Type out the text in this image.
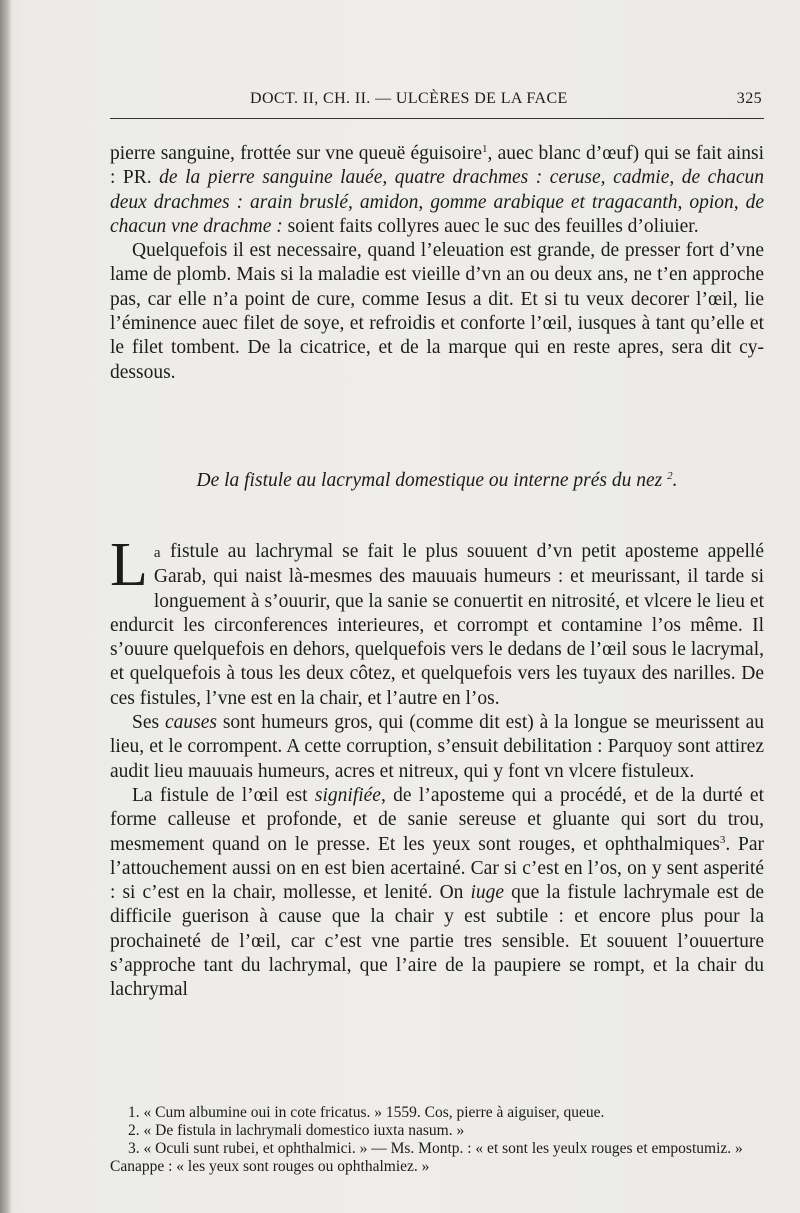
DOCT. II, CH. II. — ULCÈRES DE LA FACE	325

pierre sanguine, frottée sur vne queuë éguisoire$^1$, auec blanc d’œuf) qui se fait ainsi : PR. de la pierre sanguine lauée, quatre drachmes : ceruse, cadmie, de chacun deux drachmes : arain bruslé, amidon, gomme arabique et tragacanth, opion, de chacun vne drachme : soient faits collyres auec le suc des feuilles d’oliuier.

Quelquefois il est necessaire, quand l’eleuation est grande, de presser fort d’vne lame de plomb. Mais si la maladie est vieille d’vn an ou deux ans, ne t’en approche pas, car elle n’a point de cure, comme Iesus a dit. Et si tu veux decorer l’œil, lie l’éminence auec filet de soye, et refroidis et conforte l’œil, iusques à tant qu’elle et le filet tombent. De la cicatrice, et de la marque qui en reste apres, sera dit cy-dessous.

De la fistule au lacrymal domestique ou interne prés du nez $^2$.

La fistule au lachrymal se fait le plus souuent d’vn petit aposteme appellé Garab, qui naist là-mesmes des mauuais humeurs : et meurissant, il tarde si longuement à s’ouurir, que la sanie se conuertit en nitrosité, et vlcere le lieu et endurcit les circonferences interieures, et corrompt et contamine l’os même. Il s’ouure quelquefois en dehors, quelquefois vers le dedans de l’œil sous le lacrymal, et quelquefois à tous les deux côtez, et quelquefois vers les tuyaux des narilles. De ces fistules, l’vne est en la chair, et l’autre en l’os.

Ses causes sont humeurs gros, qui (comme dit est) à la longue se meurissent au lieu, et le corrompent. A cette corruption, s’ensuit debilitation : Parquoy sont attirez audit lieu mauuais humeurs, acres et nitreux, qui y font vn vlcere fistuleux.

La fistule de l’œil est signifiée, de l’aposteme qui a procédé, et de la durté et forme calleuse et profonde, et de sanie sereuse et gluante qui sort du trou, mesmement quand on le presse. Et les yeux sont rouges, et ophthalmiques$^3$. Par l’attouchement aussi on en est bien acertainé. Car si c’est en l’os, on y sent asperité : si c’est en la chair, mollesse, et lenité. On iuge que la fistule lachrymale est de difficile guerison à cause que la chair y est subtile : et encore plus pour la prochaineté de l’œil, car c’est vne partie tres sensible. Et souuent l’ouuerture s’approche tant du lachrymal, que l’aire de la paupiere se rompt, et la chair du lachrymal

1. « Cum albumine oui in cote fricatus. » 1559. Cos, pierre à aiguiser, queue.

2. « De fistula in lachrymali domestico iuxta nasum. »

3. « Oculi sunt rubei, et ophthalmici. » — Ms. Montp. : « et sont les yeulx rouges et empostumiz. » Canappe : « les yeux sont rouges ou ophthalmiez. »
